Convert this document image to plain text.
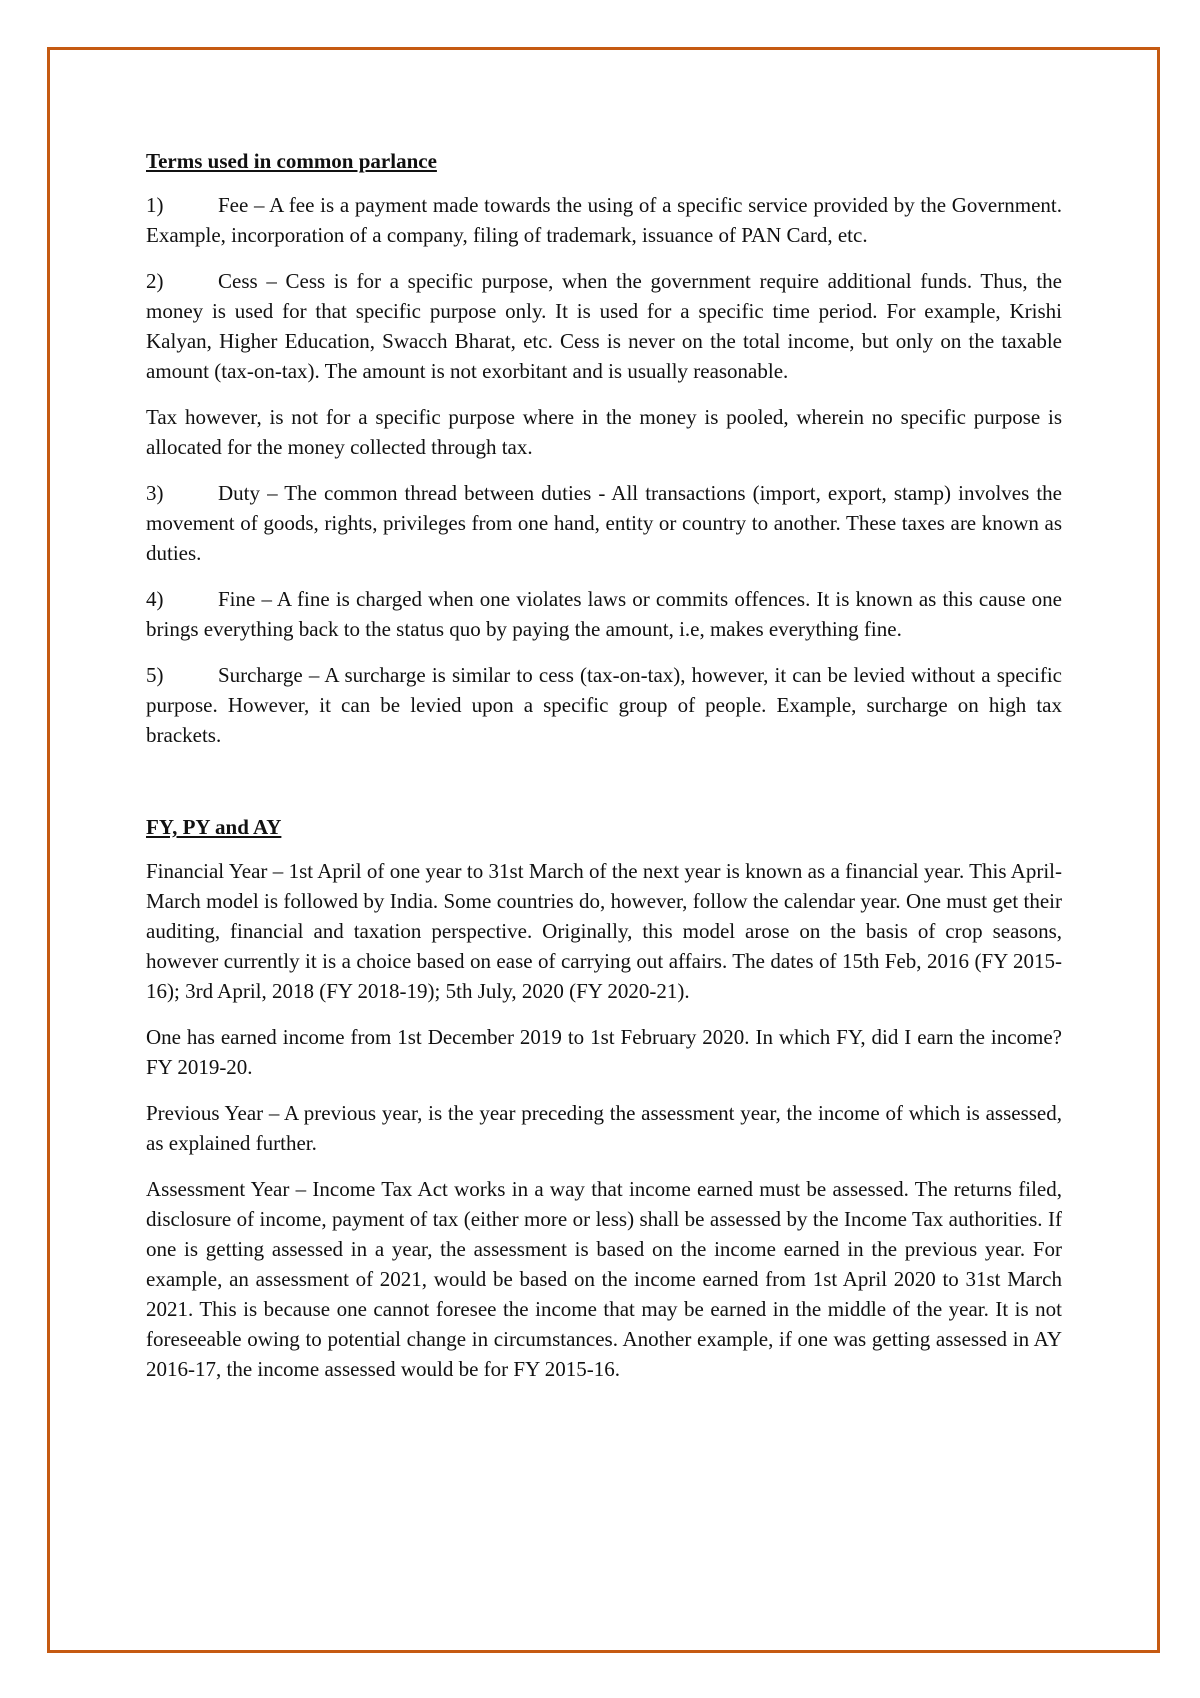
Terms used in common parlance

1)	Fee – A fee is a payment made towards the using of a specific service provided by the Government. Example, incorporation of a company, filing of trademark, issuance of PAN Card, etc.

2)	Cess – Cess is for a specific purpose, when the government require additional funds. Thus, the money is used for that specific purpose only. It is used for a specific time period. For example, Krishi Kalyan, Higher Education, Swacch Bharat, etc. Cess is never on the total income, but only on the taxable amount (tax-on-tax). The amount is not exorbitant and is usually reasonable.

Tax however, is not for a specific purpose where in the money is pooled, wherein no specific purpose is allocated for the money collected through tax.

3)	Duty – The common thread between duties - All transactions (import, export, stamp) involves the movement of goods, rights, privileges from one hand, entity or country to another. These taxes are known as duties.

4)	Fine – A fine is charged when one violates laws or commits offences. It is known as this cause one brings everything back to the status quo by paying the amount, i.e, makes everything fine.

5)	Surcharge – A surcharge is similar to cess (tax-on-tax), however, it can be levied without a specific purpose. However, it can be levied upon a specific group of people. Example, surcharge on high tax brackets.

FY, PY and AY

Financial Year – 1st April of one year to 31st March of the next year is known as a financial year. This April-March model is followed by India. Some countries do, however, follow the calendar year. One must get their auditing, financial and taxation perspective. Originally, this model arose on the basis of crop seasons, however currently it is a choice based on ease of carrying out affairs. The dates of 15th Feb, 2016 (FY 2015-16); 3rd April, 2018 (FY 2018-19); 5th July, 2020 (FY 2020-21).

One has earned income from 1st December 2019 to 1st February 2020. In which FY, did I earn the income? FY 2019-20.

Previous Year – A previous year, is the year preceding the assessment year, the income of which is assessed, as explained further.

Assessment Year – Income Tax Act works in a way that income earned must be assessed. The returns filed, disclosure of income, payment of tax (either more or less) shall be assessed by the Income Tax authorities. If one is getting assessed in a year, the assessment is based on the income earned in the previous year. For example, an assessment of 2021, would be based on the income earned from 1st April 2020 to 31st March 2021. This is because one cannot foresee the income that may be earned in the middle of the year. It is not foreseeable owing to potential change in circumstances. Another example, if one was getting assessed in AY 2016-17, the income assessed would be for FY 2015-16.
